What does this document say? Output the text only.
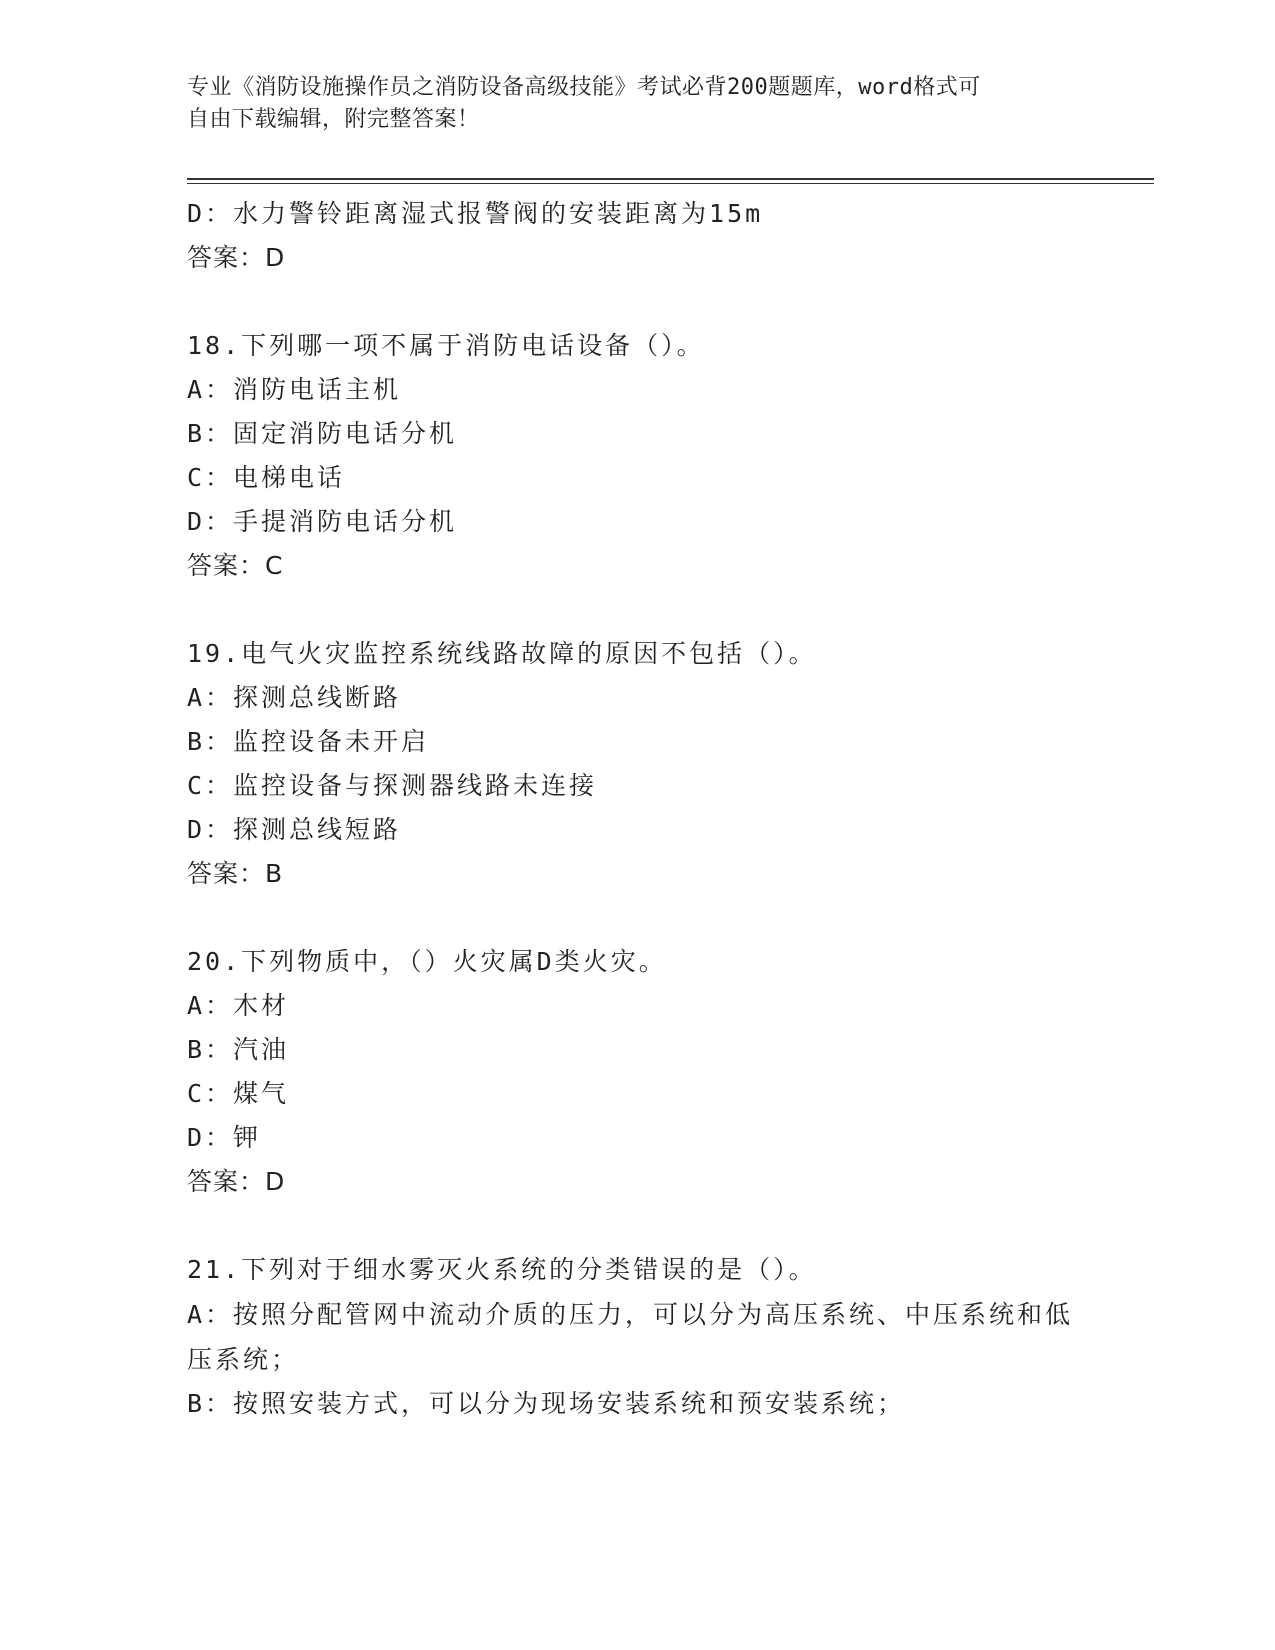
专业《消防设施操作员之消防设备高级技能》考试必背200题题库，word格式可
自由下载编辑，附完整答案！
D：水力警铃距离湿式报警阀的安装距离为15m
答案：D
18.下列哪一项不属于消防电话设备（）。
A：消防电话主机
B：固定消防电话分机
C：电梯电话
D：手提消防电话分机
答案：C
19.电气火灾监控系统线路故障的原因不包括（）。
A：探测总线断路
B：监控设备未开启
C：监控设备与探测器线路未连接
D：探测总线短路
答案：B
20.下列物质中，（）火灾属D类火灾。
A：木材
B：汽油
C：煤气
D：钾
答案：D
21.下列对于细水雾灭火系统的分类错误的是（）。
A：按照分配管网中流动介质的压力，可以分为高压系统、中压系统和低压系统；
B：按照安装方式，可以分为现场安装系统和预安装系统；
